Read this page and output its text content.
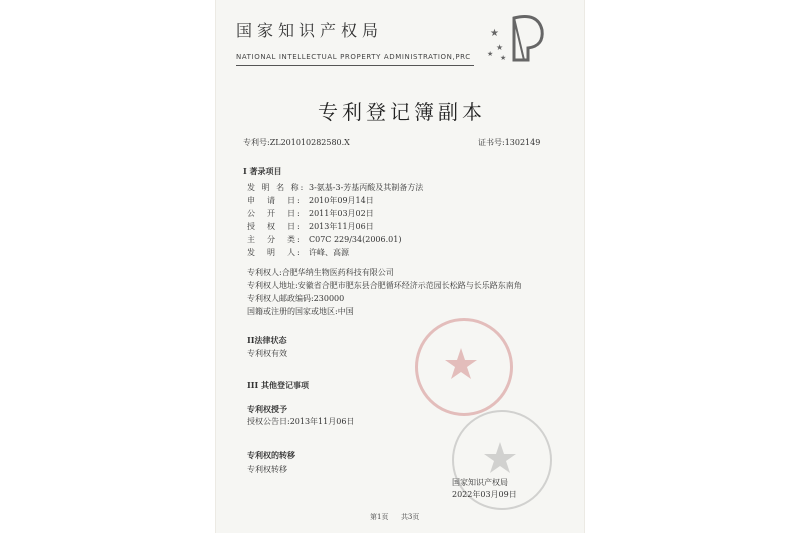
国家知识产权局
NATIONAL INTELLECTUAL PROPERTY ADMINISTRATION,PRC
★
★
★ ★
专利登记簿副本
专利号:ZL201010282580.X	证书号:1302149
I 著录项目
发 明 名 称: 3-氨基-3-芳基丙酸及其制备方法
申　请　日: 2010年09月14日
公　开　日: 2011年03月02日
授　权　日: 2013年11月06日
主　分　类: C07C 229/34(2006.01)
发　明　人: 许峰、高源
专利权人:合肥华纳生物医药科技有限公司
专利权人地址:安徽省合肥市肥东县合肥循环经济示范园长松路与长乐路东南角
专利权人邮政编码:230000
国籍或注册的国家或地区:中国
II法律状态
专利权有效
III 其他登记事项
专利权授予
授权公告日:2013年11月06日
专利权的转移
专利权转移
国家知识产权局
2022年03月09日
第1页 共3页
